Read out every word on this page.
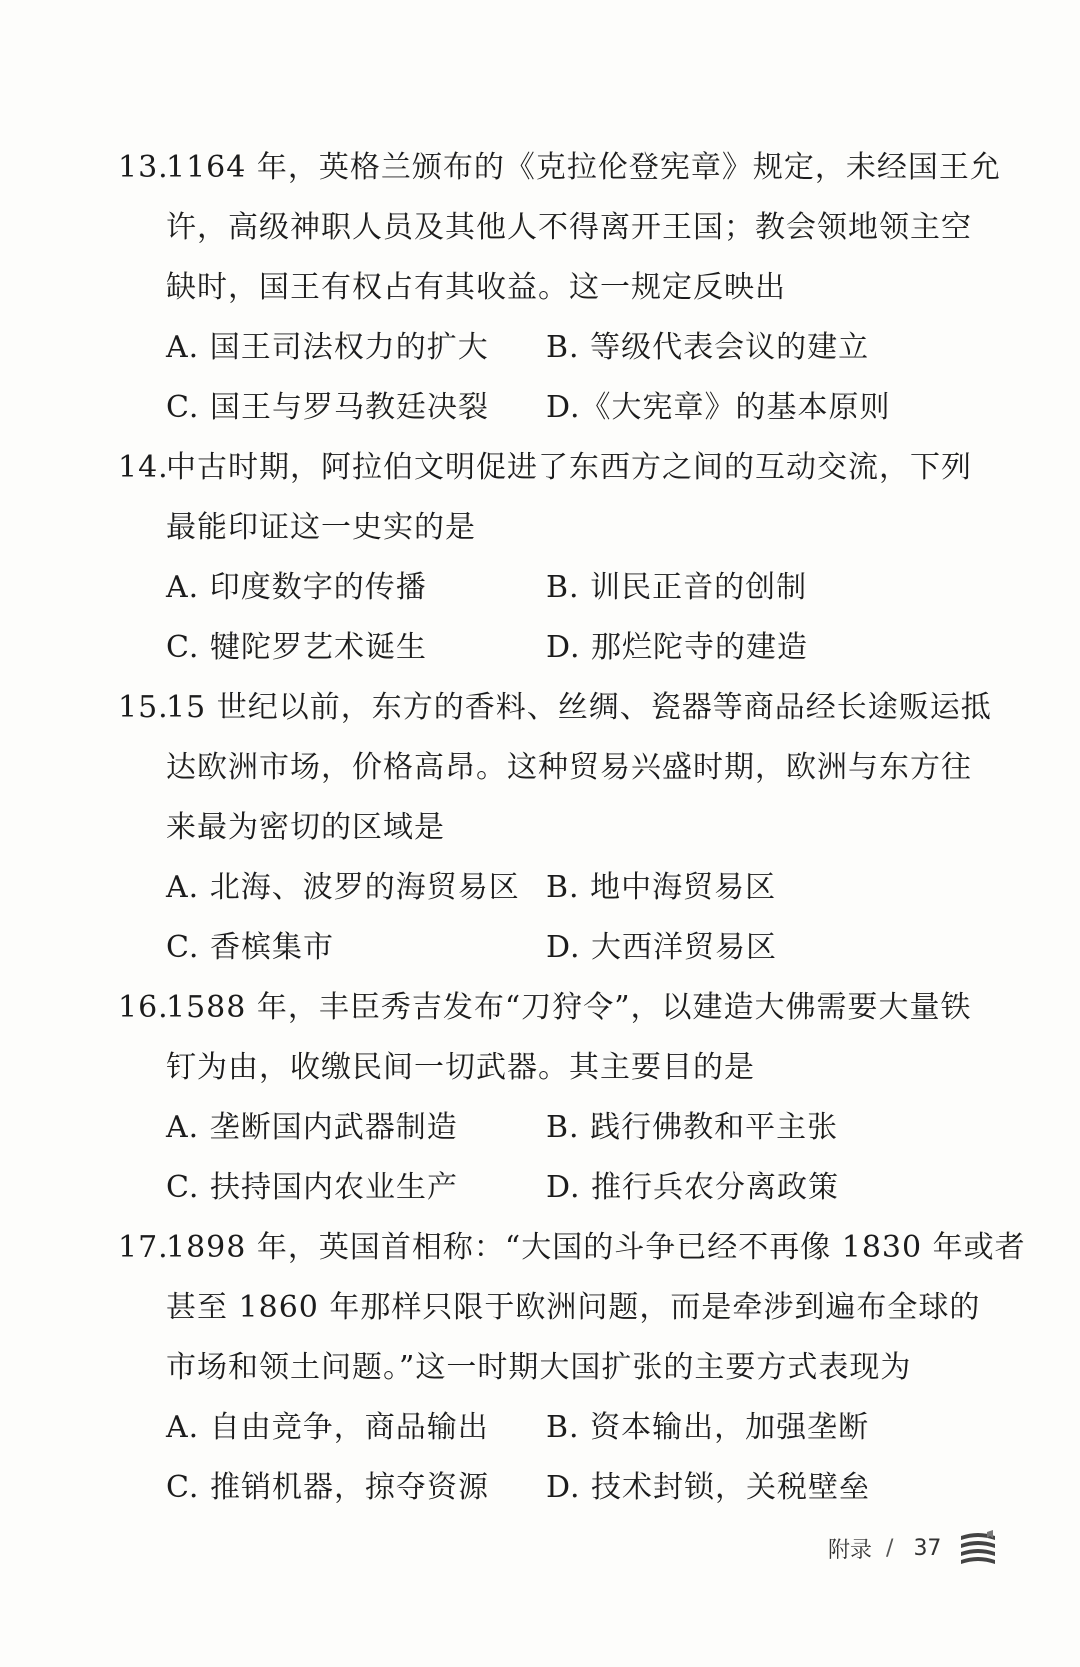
13.1164 年，英格兰颁布的《克拉伦登宪章》规定，未经国王允
许，高级神职人员及其他人不得离开王国；教会领地领主空
缺时，国王有权占有其收益。这一规定反映出
A. 国王司法权力的扩大	B. 等级代表会议的建立
C. 国王与罗马教廷决裂	D.《大宪章》的基本原则
14.中古时期，阿拉伯文明促进了东西方之间的互动交流，下列
最能印证这一史实的是
A. 印度数字的传播	B. 训民正音的创制
C. 犍陀罗艺术诞生	D. 那烂陀寺的建造
15.15 世纪以前，东方的香料、丝绸、瓷器等商品经长途贩运抵
达欧洲市场，价格高昂。这种贸易兴盛时期，欧洲与东方往
来最为密切的区域是
A. 北海、波罗的海贸易区 B. 地中海贸易区
C. 香槟集市	D. 大西洋贸易区
16.1588 年，丰臣秀吉发布“刀狩令”，以建造大佛需要大量铁
钉为由，收缴民间一切武器。其主要目的是
A. 垄断国内武器制造	B. 践行佛教和平主张
C. 扶持国内农业生产	D. 推行兵农分离政策
17.1898 年，英国首相称：“大国的斗争已经不再像 1830 年或者
甚至 1860 年那样只限于欧洲问题，而是牵涉到遍布全球的
市场和领土问题。”这一时期大国扩张的主要方式表现为
A. 自由竞争，商品输出	B. 资本输出，加强垄断
C. 推销机器，掠夺资源	D. 技术封锁，关税壁垒
附录 / 37
